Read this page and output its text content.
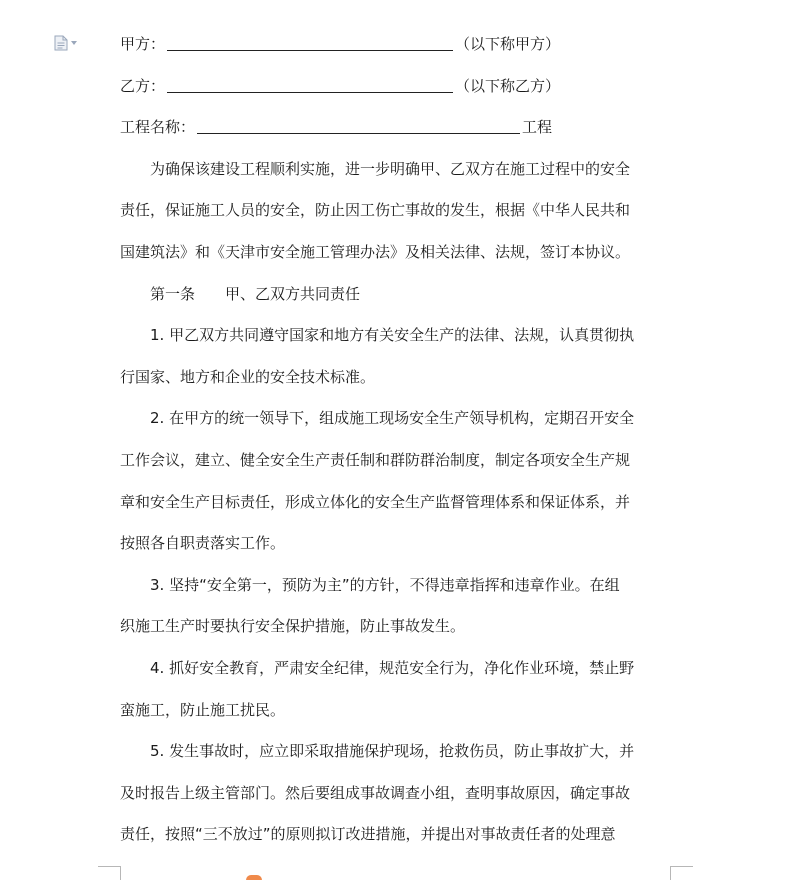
甲方：	（以下称甲方）
乙方：	（以下称乙方）
工程名称：	工程
为确保该建设工程顺利实施，进一步明确甲、乙双方在施工过程中的安全
责任，保证施工人员的安全，防止因工伤亡事故的发生，根据《中华人民共和
国建筑法》和《天津市安全施工管理办法》及相关法律、法规，签订本协议。
第一条 甲、乙双方共同责任
1. 甲乙双方共同遵守国家和地方有关安全生产的法律、法规，认真贯彻执
行国家、地方和企业的安全技术标准。
2. 在甲方的统一领导下，组成施工现场安全生产领导机构，定期召开安全
工作会议，建立、健全安全生产责任制和群防群治制度，制定各项安全生产规
章和安全生产目标责任，形成立体化的安全生产监督管理体系和保证体系，并
按照各自职责落实工作。
3. 坚持“安全第一，预防为主”的方针，不得违章指挥和违章作业。在组
织施工生产时要执行安全保护措施，防止事故发生。
4. 抓好安全教育，严肃安全纪律，规范安全行为，净化作业环境，禁止野
蛮施工，防止施工扰民。
5. 发生事故时，应立即采取措施保护现场，抢救伤员，防止事故扩大，并
及时报告上级主管部门。然后要组成事故调查小组，查明事故原因，确定事故
责任，按照“三不放过”的原则拟订改进措施，并提出对事故责任者的处理意
